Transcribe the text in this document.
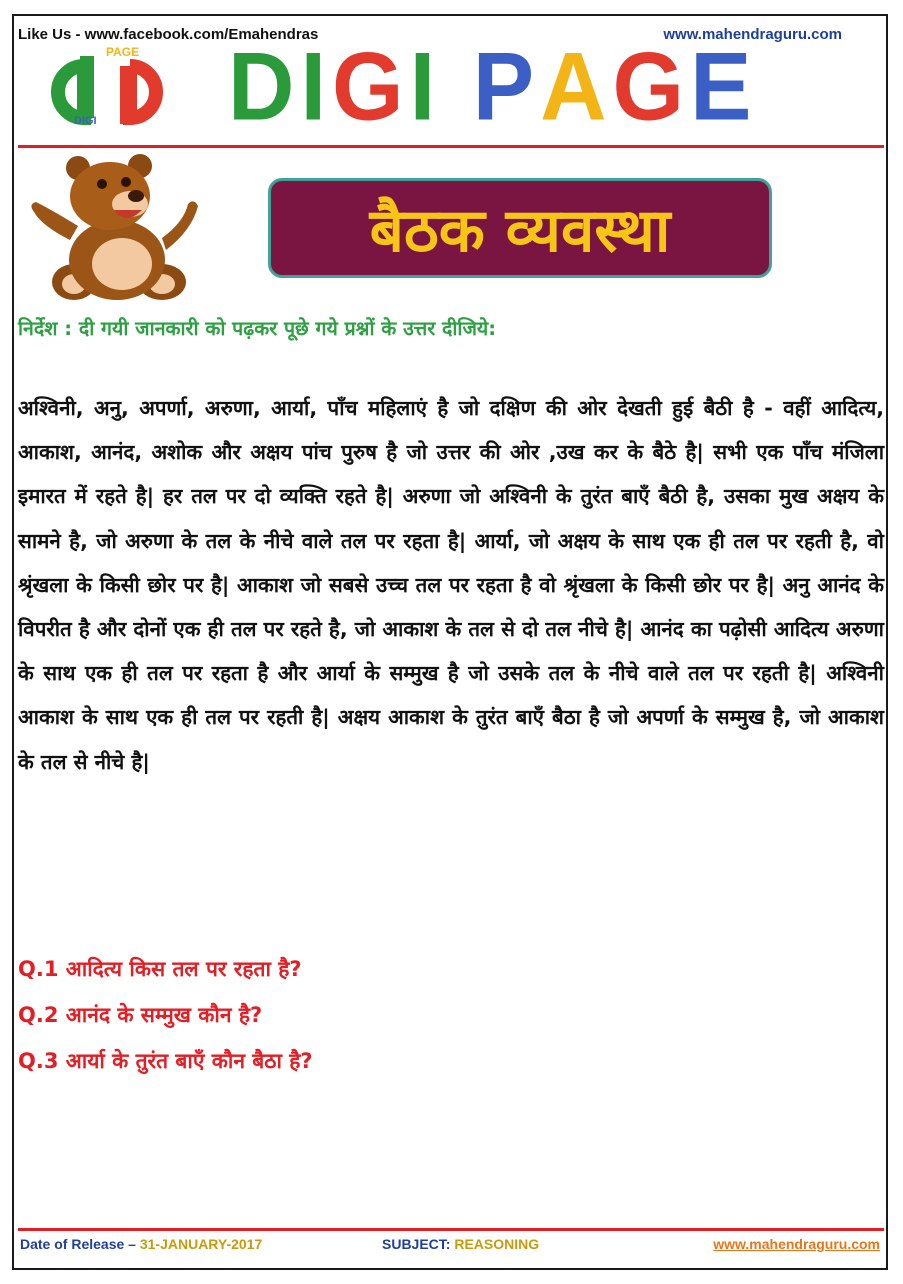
Like Us - www.facebook.com/Emahendras	www.mahendraguru.com
PAGE
DIGI DIGI PAGE
बैठक व्यवस्था
निर्देश : दी गयी जानकारी को पढ़कर पूछे गये प्रश्नों के उत्तर दीजिये:
अश्विनी, अनु, अपर्णा, अरुणा, आर्या, पाँच महिलाएं है जो दक्षिण की ओर देखती हुई बैठी है - वहीं आदित्य, आकाश, आनंद, अशोक और अक्षय पांच पुरुष है जो उत्तर की ओर ,उख कर के बैठे है| सभी एक पाँच मंजिला इमारत में रहते है| हर तल पर दो व्यक्ति रहते है| अरुणा जो अश्विनी के तुरंत बाएँ बैठी है, उसका मुख अक्षय के सामने है, जो अरुणा के तल के नीचे वाले तल पर रहता है| आर्या, जो अक्षय के साथ एक ही तल पर रहती है, वो श्रृंखला के किसी छोर पर है| आकाश जो सबसे उच्च तल पर रहता है वो श्रृंखला के किसी छोर पर है| अनु आनंद के विपरीत है और दोनों एक ही तल पर रहते है, जो आकाश के तल से दो तल नीचे है| आनंद का पढ़ोसी आदित्य अरुणा के साथ एक ही तल पर रहता है और आर्या के सम्मुख है जो उसके तल के नीचे वाले तल पर रहती है| अश्विनी आकाश के साथ एक ही तल पर रहती है| अक्षय आकाश के तुरंत बाएँ बैठा है जो अपर्णा के सम्मुख है, जो आकाश के तल से नीचे है|
Q.1 आदित्य किस तल पर रहता है?
Q.2 आनंद के सम्मुख कौन है?
Q.3 आर्या के तुरंत बाएँ कौन बैठा है?
Date of Release – 31-JANUARY-2017	SUBJECT: REASONING	www.mahendraguru.com
